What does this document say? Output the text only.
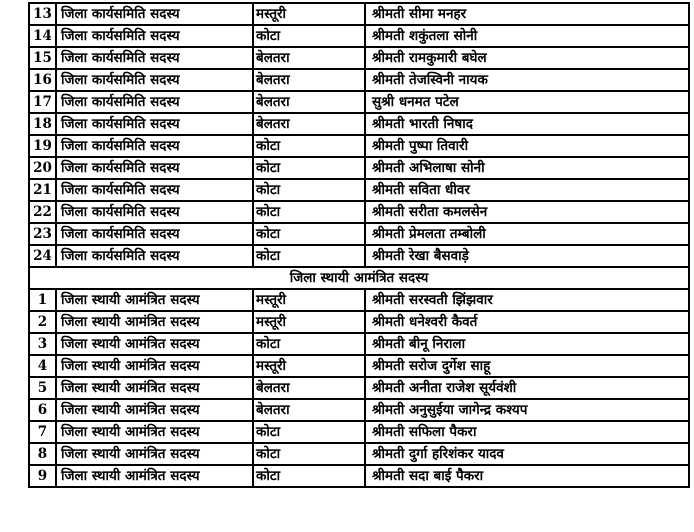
13	जिला कार्यसमिति सदस्य	मस्तूरी	श्रीमती सीमा मनहर
14	जिला कार्यसमिति सदस्य	कोटा	श्रीमती शकुंतला सोनी
15	जिला कार्यसमिति सदस्य	बेलतरा	श्रीमती रामकुमारी बघेल
16	जिला कार्यसमिति सदस्य	बेलतरा	श्रीमती तेजस्विनी नायक
17	जिला कार्यसमिति सदस्य	बेलतरा	सुश्री धनमत पटेल
18	जिला कार्यसमिति सदस्य	बेलतरा	श्रीमती भारती निषाद
19	जिला कार्यसमिति सदस्य	कोटा	श्रीमती पुष्पा तिवारी
20	जिला कार्यसमिति सदस्य	कोटा	श्रीमती अभिलाषा सोनी
21	जिला कार्यसमिति सदस्य	कोटा	श्रीमती सविता धीवर
22	जिला कार्यसमिति सदस्य	कोटा	श्रीमती सरीता कमलसेन
23	जिला कार्यसमिति सदस्य	कोटा	श्रीमती प्रेमलता तम्बोली
24	जिला कार्यसमिति सदस्य	कोटा	श्रीमती रेखा बैसवाड़े
जिला स्थायी आमंत्रित सदस्य			
1	जिला स्थायी आमंत्रित सदस्य	मस्तूरी	श्रीमती सरस्वती झिंझवार
2	जिला स्थायी आमंत्रित सदस्य	मस्तूरी	श्रीमती धनेश्वरी कैवर्त
3	जिला स्थायी आमंत्रित सदस्य	कोटा	श्रीमती बीनू निराला
4	जिला स्थायी आमंत्रित सदस्य	मस्तूरी	श्रीमती सरोज दुर्गेश साहू
5	जिला स्थायी आमंत्रित सदस्य	बेलतरा	श्रीमती अनीता राजेश सूर्यवंशी
6	जिला स्थायी आमंत्रित सदस्य	बेलतरा	श्रीमती अनुसुईया जागेन्द्र कश्यप
7	जिला स्थायी आमंत्रित सदस्य	कोटा	श्रीमती सफिला पैकरा
8	जिला स्थायी आमंत्रित सदस्य	कोटा	श्रीमती दुर्गा हरिशंकर यादव
9	जिला स्थायी आमंत्रित सदस्य	कोटा	श्रीमती सदा बाई पैकरा
